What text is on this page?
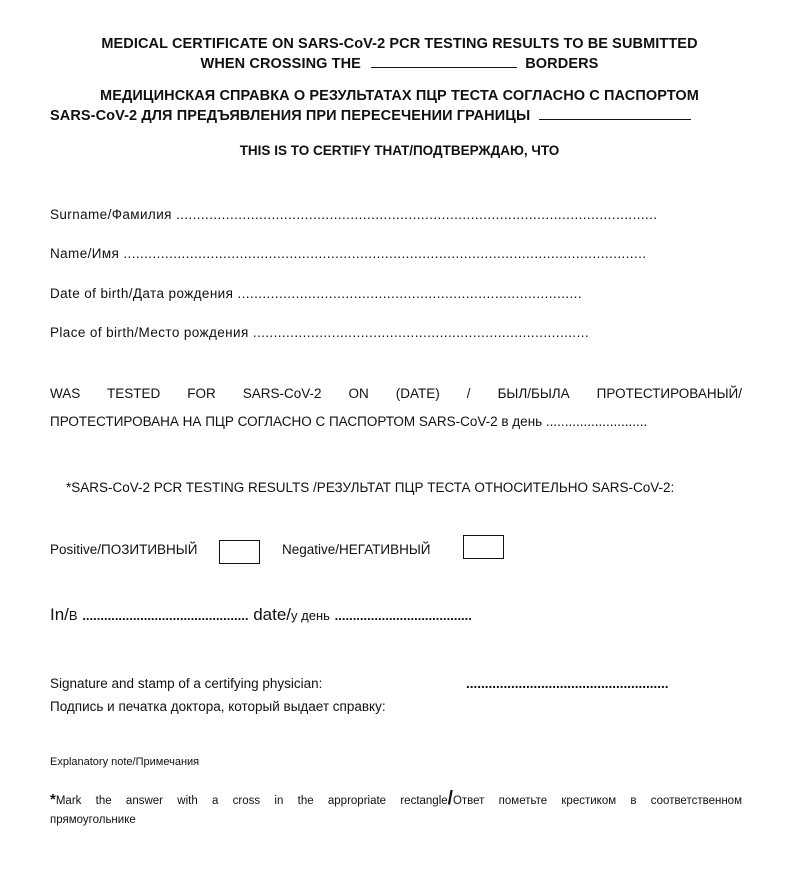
MEDICAL CERTIFICATE ON SARS-CoV-2 PCR TESTING RESULTS TO BE SUBMITTED
WHEN CROSSING THE	BORDERS
МЕДИЦИНСКАЯ СПРАВКА О РЕЗУЛЬТАТАХ ПЦР ТЕСТА СОГЛАСНО С ПАСПОРТОМ
SARS-CoV-2 ДЛЯ ПРЕДЪЯВЛЕНИЯ ПРИ ПЕРЕСЕЧЕНИИ ГРАНИЦЫ
THIS IS TO CERTIFY THAT/ПОДТВЕРЖДАЮ, ЧТО
Surname/Фамилия ....................................................................................................................
Name/Имя ..............................................................................................................................
Date of birth/Дата рождения ...................................................................................
Place of birth/Место рождения .................................................................................
WAS TESTED FOR SARS-CoV-2 ON (DATE) / БЫЛ/БЫЛА ПРОТЕСТИРОВАНЫЙ/
ПРОТЕСТИРОВАНА НА ПЦР СОГЛАСНО С ПАСПОРТОМ SARS-CoV-2 в день ...........................
*SARS-CoV-2 PCR TESTING RESULTS /РЕЗУЛЬТАТ ПЦР ТЕСТА ОТНОСИТЕЛЬНО SARS-CoV-2:
Positive/ПОЗИТИВНЫЙ	Negative/НЕГАТИВНЫЙ
In/В .............................................. date/у день ......................................
Signature and stamp of a certifying physician:	......................................................
Подпись и печатка доктора, который выдает справку:
Explanatory note/Примечания
*Mark the answer with a cross in the appropriate rectangle/Ответ пометьте крестиком в соответственном
прямоугольнике
